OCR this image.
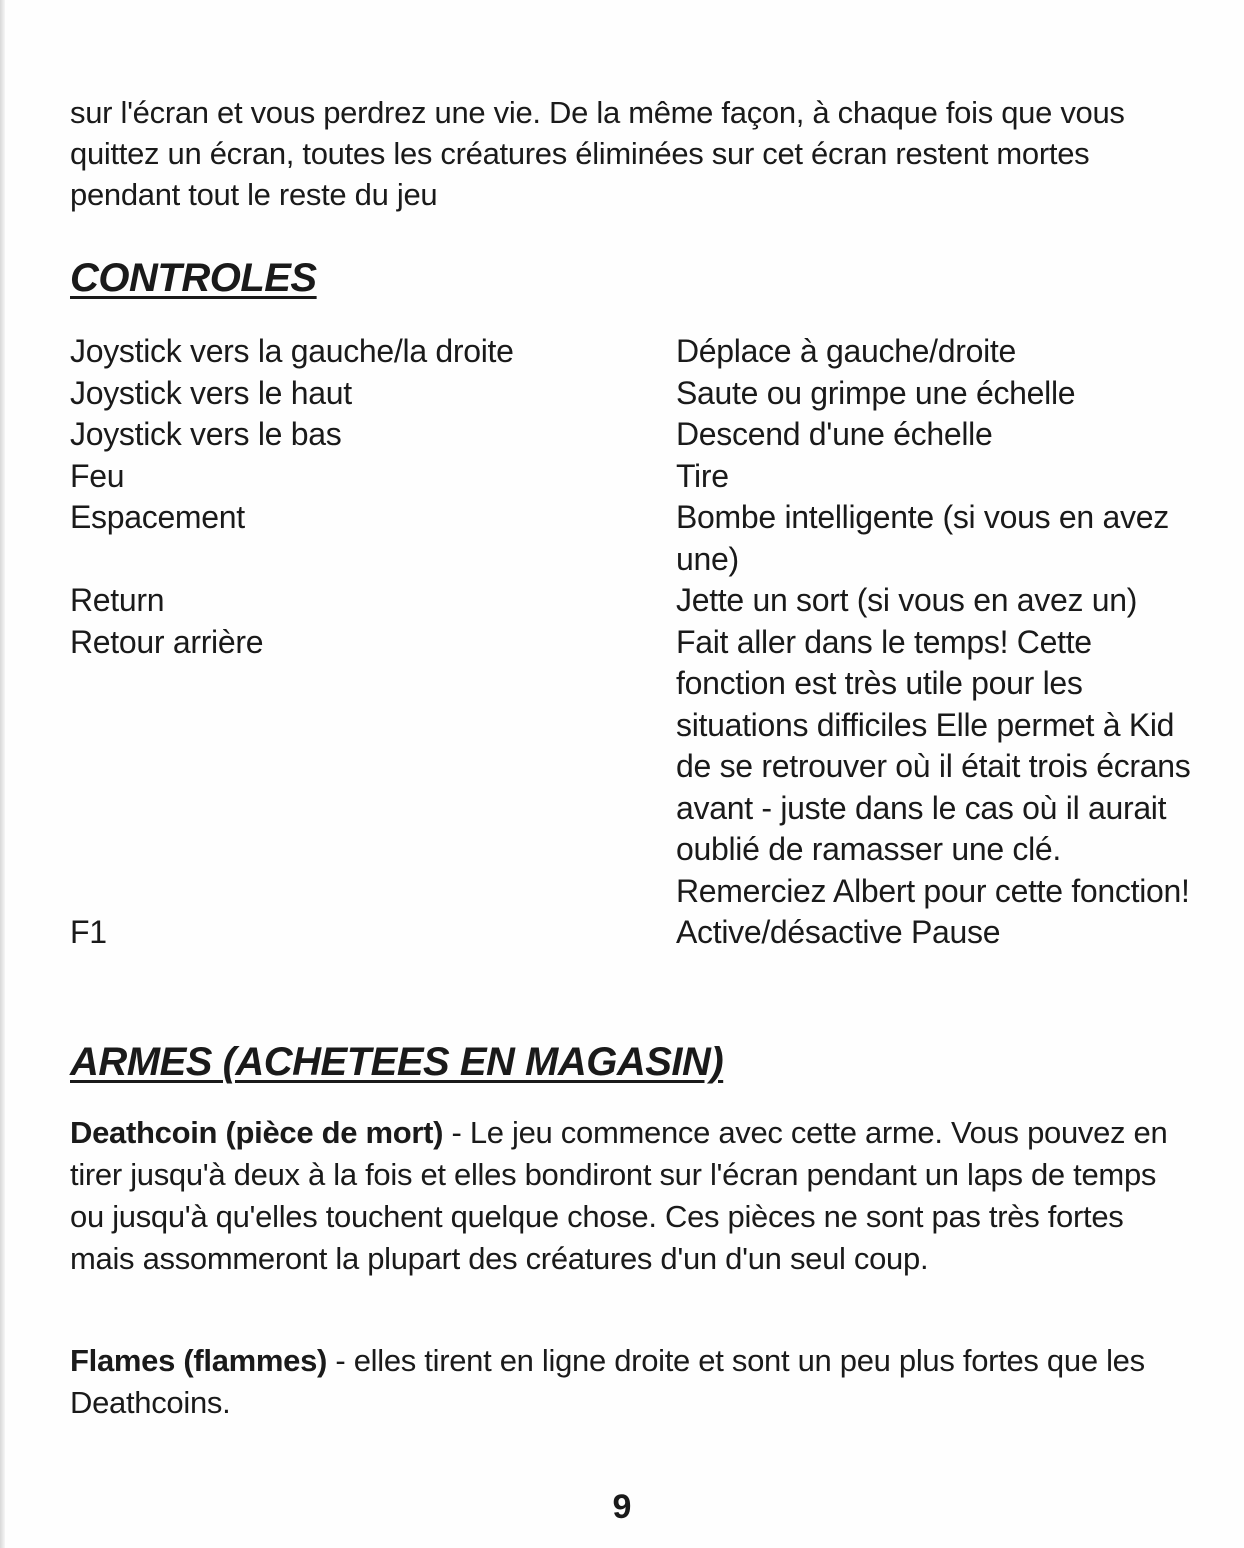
sur l'écran et vous perdrez une vie. De la même façon, à chaque fois que vous quittez un écran, toutes les créatures éliminées sur cet écran restent mortes pendant tout le reste du jeu

CONTROLES
Joystick vers la gauche/la droite	Déplace à gauche/droite
Joystick vers le haut	Saute ou grimpe une échelle
Joystick vers le bas	Descend d'une échelle
Feu	Tire
Espacement	Bombe intelligente (si vous en avez une)
Return	Jette un sort (si vous en avez un)
Retour arrière	Fait aller dans le temps! Cette fonction est très utile pour les situations difficiles Elle permet à Kid de se retrouver où il était trois écrans avant - juste dans le cas où il aurait oublié de ramasser une clé. Remerciez Albert pour cette fonction!
F1	Active/désactive Pause
ARMES (ACHETEES EN MAGASIN)

Deathcoin (pièce de mort) - Le jeu commence avec cette arme. Vous pouvez en tirer jusqu'à deux à la fois et elles bondiront sur l'écran pendant un laps de temps ou jusqu'à qu'elles touchent quelque chose. Ces pièces ne sont pas très fortes mais assommeront la plupart des créatures d'un d'un seul coup.

Flames (flammes) - elles tirent en ligne droite et sont un peu plus fortes que les Deathcoins.

9
